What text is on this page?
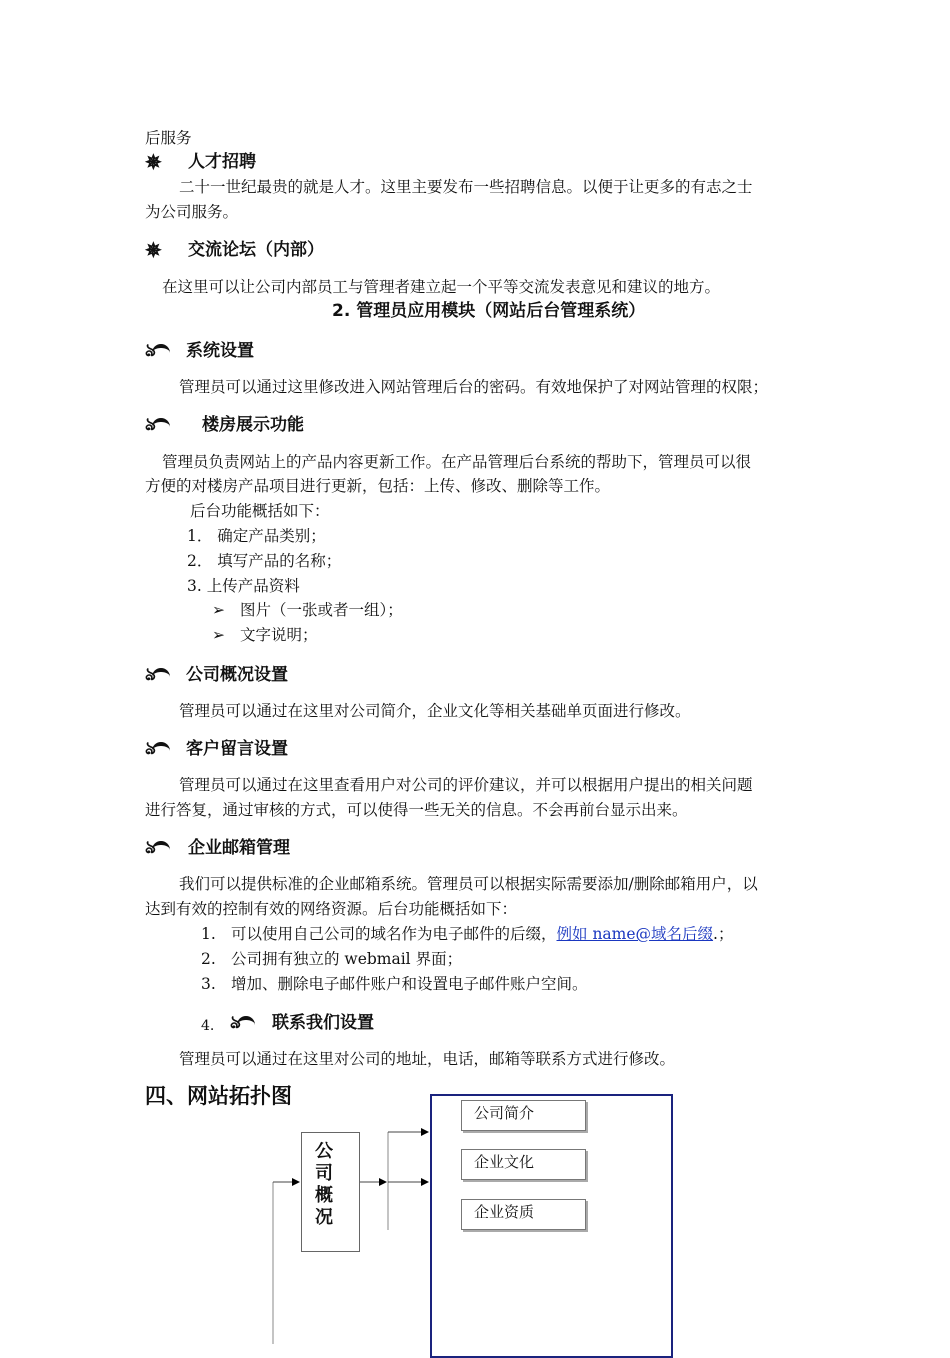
后服务
✵ 人才招聘
二十一世纪最贵的就是人才。这里主要发布一些招聘信息。以便于让更多的有志之士
为公司服务。
✵ 交流论坛（内部）
在这里可以让公司内部员工与管理者建立起一个平等交流发表意见和建议的地方。
2. 管理员应用模块（网站后台管理系统）
ঌ	系统设置
管理员可以通过这里修改进入网站管理后台的密码。有效地保护了对网站管理的权限；
ঌ	楼房展示功能
管理员负责网站上的产品内容更新工作。在产品管理后台系统的帮助下，管理员可以很
方便的对楼房产品项目进行更新，包括：上传、修改、删除等工作。
后台功能概括如下：
1． 确定产品类别；
2． 填写产品的名称；
3. 上传产品资料
➢ 图片（一张或者一组）；
➢ 文字说明；
ঌ	公司概况设置
管理员可以通过在这里对公司简介，企业文化等相关基础单页面进行修改。
ঌ	客户留言设置
管理员可以通过在这里查看用户对公司的评价建议，并可以根据用户提出的相关问题
进行答复，通过审核的方式，可以使得一些无关的信息。不会再前台显示出来。
ঌ	企业邮箱管理
我们可以提供标准的企业邮箱系统。管理员可以根据实际需要添加/删除邮箱用户，以
达到有效的控制有效的网络资源。后台功能概括如下：
1. 可以使用自己公司的域名作为电子邮件的后缀，例如 name@域名后缀.；
2. 公司拥有独立的 webmail 界面；
3. 增加、删除电子邮件账户和设置电子邮件账户空间。
4. ঌ	联系我们设置
管理员可以通过在这里对公司的地址，电话，邮箱等联系方式进行修改。
四、网站拓扑图
公司概况
公司简介
企业文化
企业资质
